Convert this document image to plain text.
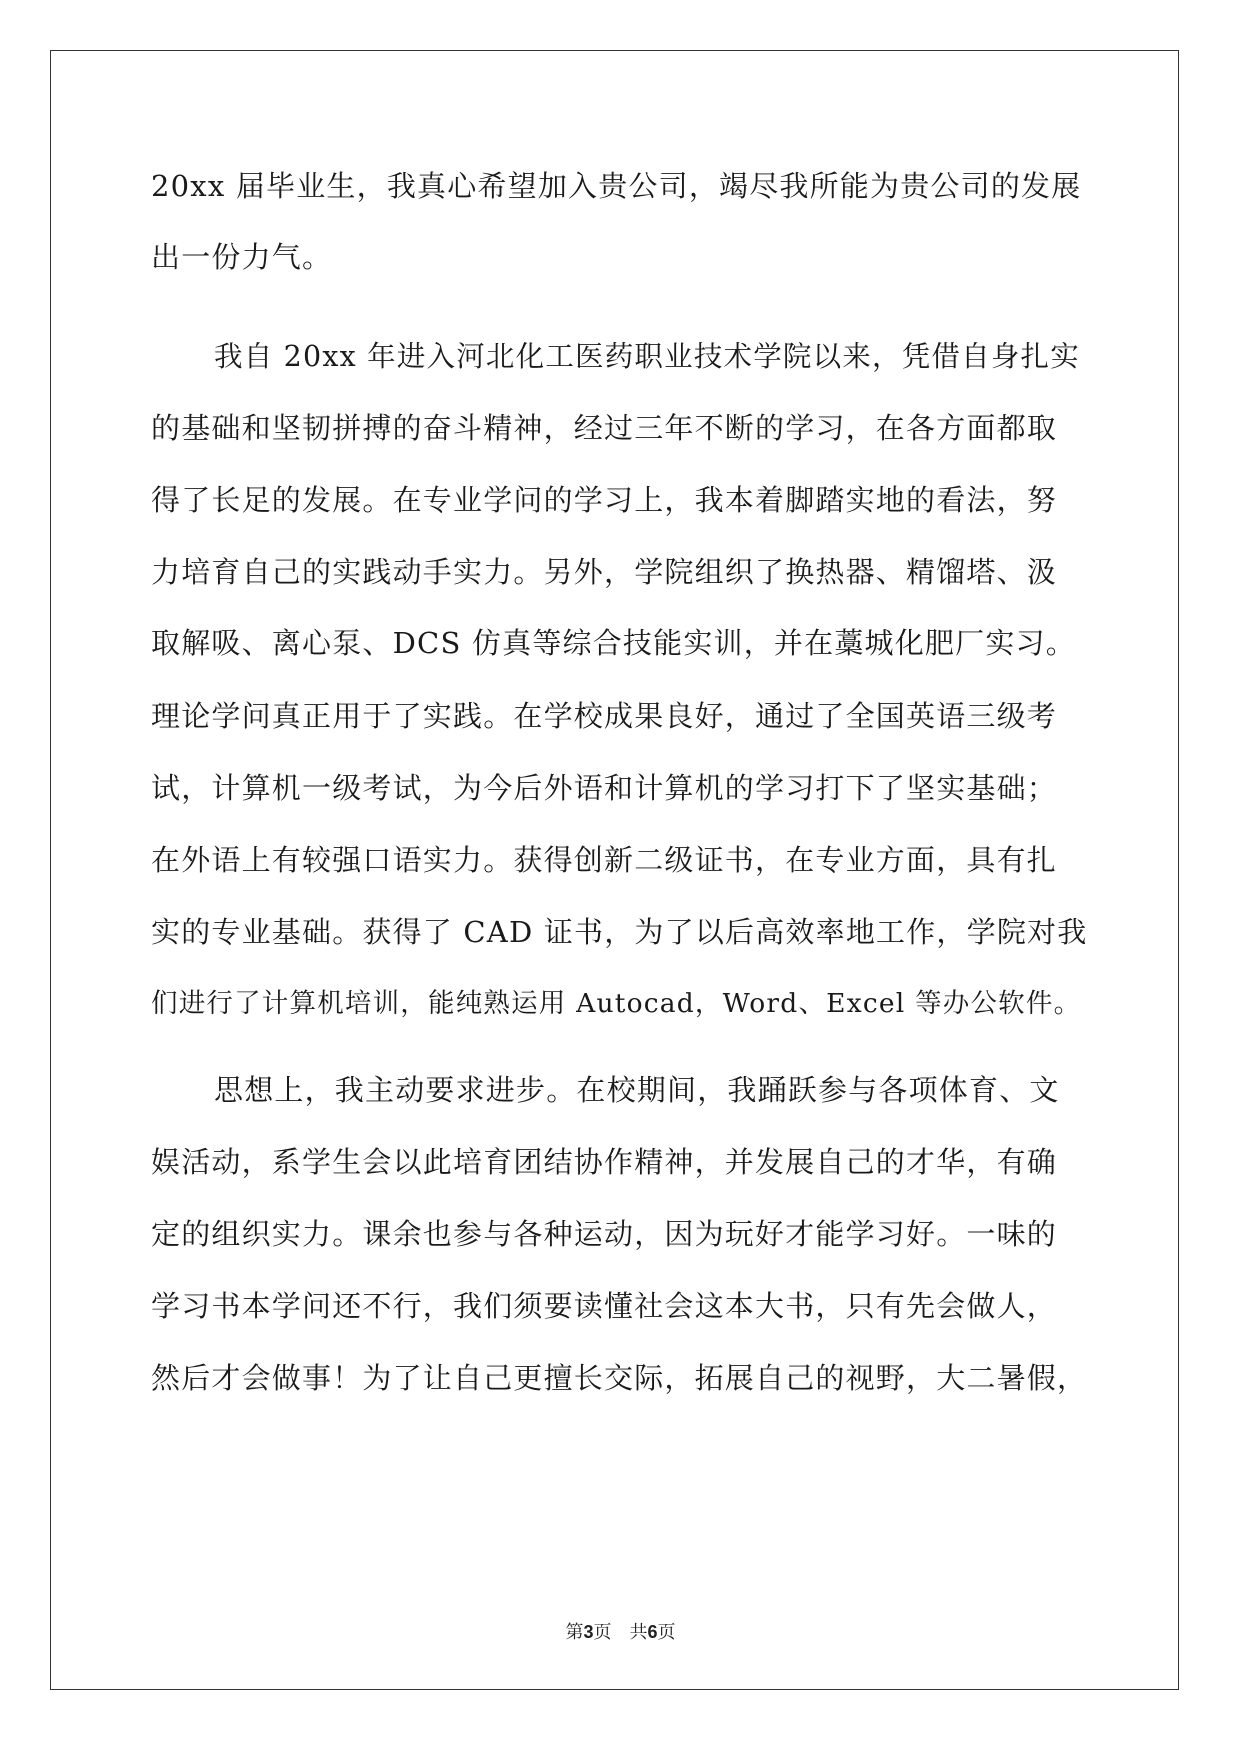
20xx 届毕业生，我真心希望加入贵公司，竭尽我所能为贵公司的发展
出一份力气。
我自 20xx 年进入河北化工医药职业技术学院以来，凭借自身扎实
的基础和坚韧拼搏的奋斗精神，经过三年不断的学习，在各方面都取
得了长足的发展。在专业学问的学习上，我本着脚踏实地的看法，努
力培育自己的实践动手实力。另外，学院组织了换热器、精馏塔、汲
取解吸、离心泵、DCS 仿真等综合技能实训，并在藁城化肥厂实习。
理论学问真正用于了实践。在学校成果良好，通过了全国英语三级考
试，计算机一级考试，为今后外语和计算机的学习打下了坚实基础；
在外语上有较强口语实力。获得创新二级证书，在专业方面，具有扎
实的专业基础。获得了 CAD 证书，为了以后高效率地工作，学院对我
们进行了计算机培训，能纯熟运用 Autocad，Word、Excel 等办公软件。
思想上，我主动要求进步。在校期间，我踊跃参与各项体育、文
娱活动，系学生会以此培育团结协作精神，并发展自己的才华，有确
定的组织实力。课余也参与各种运动，因为玩好才能学习好。一味的
学习书本学问还不行，我们须要读懂社会这本大书，只有先会做人，
然后才会做事！为了让自己更擅长交际，拓展自己的视野，大二暑假，
第3页 共6页
